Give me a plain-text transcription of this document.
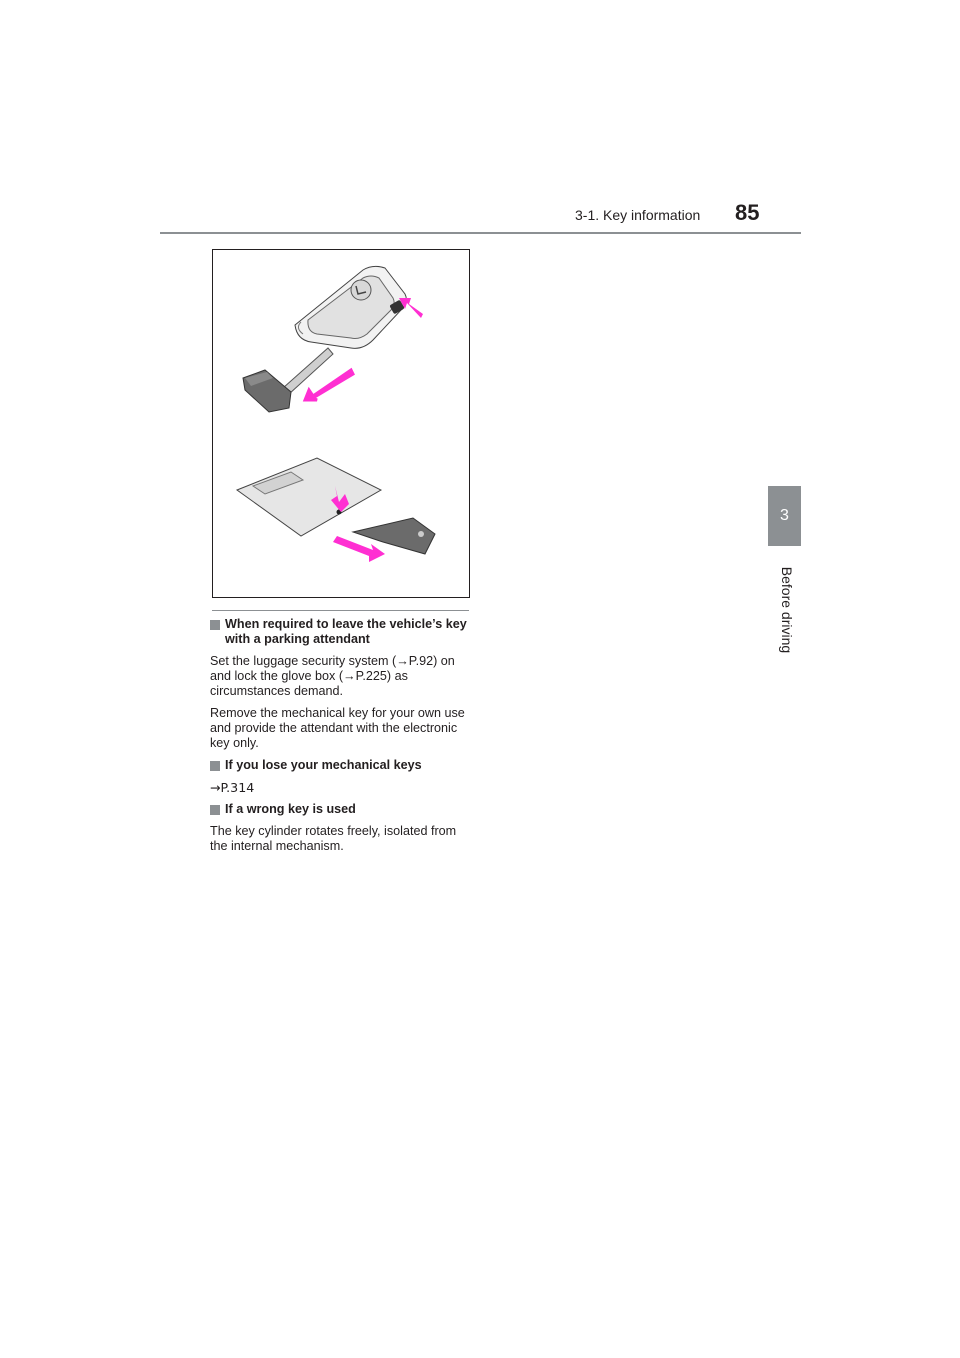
3-1. Key information 85
3
Before driving
When required to leave the vehicle’s key with a parking attendant

Set the luggage security system (→P.92) on and lock the glove box (→P.225) as circumstances demand.

Remove the mechanical key for your own use and provide the attendant with the electronic key only.

If you lose your mechanical keys

→P.314

If a wrong key is used

The key cylinder rotates freely, isolated from the internal mechanism.
